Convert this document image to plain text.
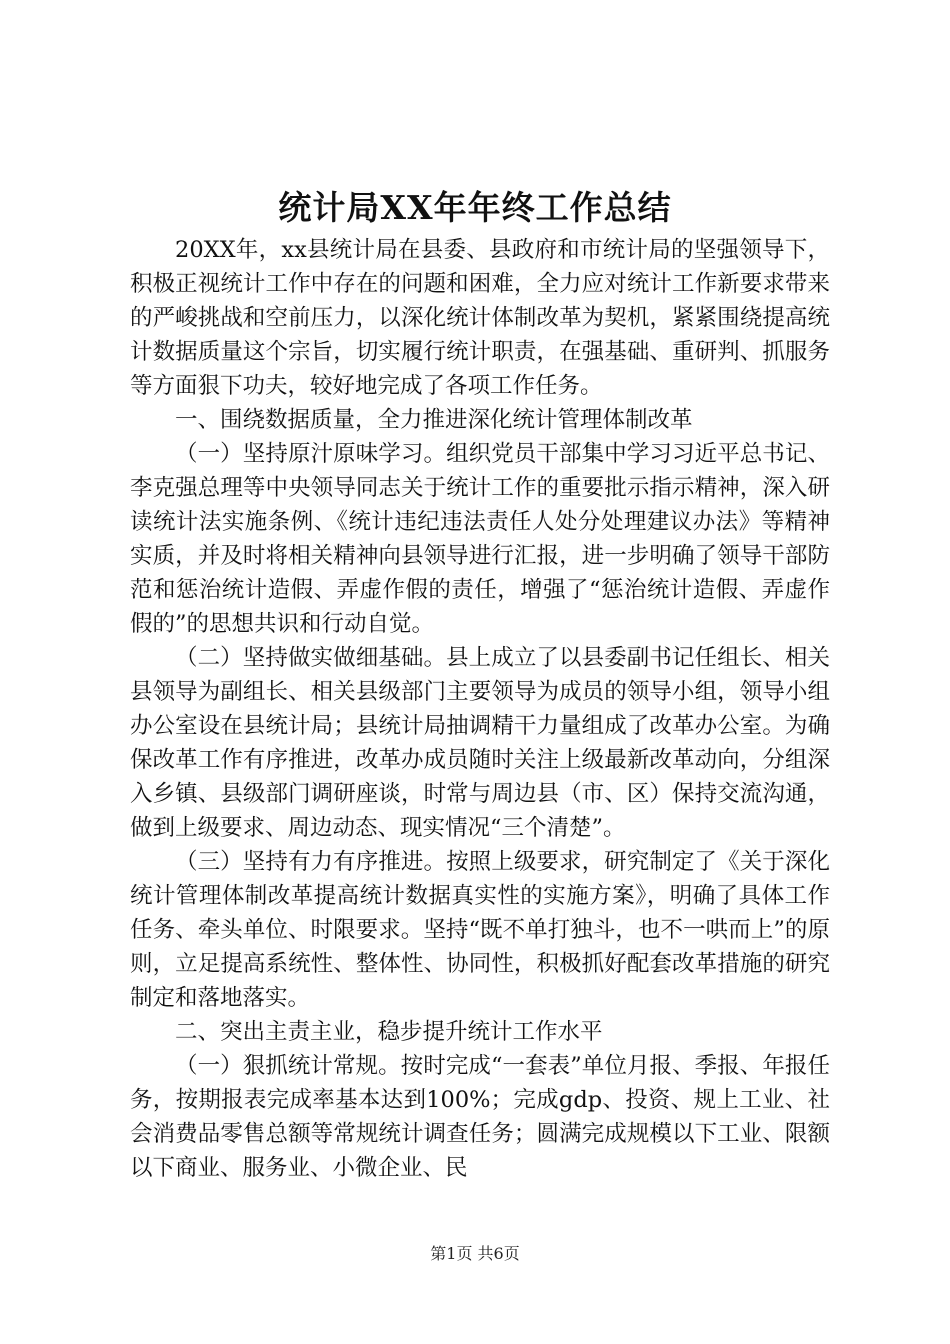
统计局XX年年终工作总结

20XX年，xx县统计局在县委、县政府和市统计局的坚强领导下，积极正视统计工作中存在的问题和困难，全力应对统计工作新要求带来的严峻挑战和空前压力，以深化统计体制改革为契机，紧紧围绕提高统计数据质量这个宗旨，切实履行统计职责，在强基础、重研判、抓服务等方面狠下功夫，较好地完成了各项工作任务。

一、围绕数据质量，全力推进深化统计管理体制改革

（一）坚持原汁原味学习。组织党员干部集中学习习近平总书记、李克强总理等中央领导同志关于统计工作的重要批示指示精神，深入研读统计法实施条例、《统计违纪违法责任人处分处理建议办法》等精神实质，并及时将相关精神向县领导进行汇报，进一步明确了领导干部防范和惩治统计造假、弄虚作假的责任，增强了“惩治统计造假、弄虚作假的”的思想共识和行动自觉。

（二）坚持做实做细基础。县上成立了以县委副书记任组长、相关县领导为副组长、相关县级部门主要领导为成员的领导小组，领导小组办公室设在县统计局；县统计局抽调精干力量组成了改革办公室。为确保改革工作有序推进，改革办成员随时关注上级最新改革动向，分组深入乡镇、县级部门调研座谈，时常与周边县（市、区）保持交流沟通，做到上级要求、周边动态、现实情况“三个清楚”。

（三）坚持有力有序推进。按照上级要求，研究制定了《关于深化统计管理体制改革提高统计数据真实性的实施方案》，明确了具体工作任务、牵头单位、时限要求。坚持“既不单打独斗，也不一哄而上”的原则，立足提高系统性、整体性、协同性，积极抓好配套改革措施的研究制定和落地落实。

二、突出主责主业，稳步提升统计工作水平

（一）狠抓统计常规。按时完成“一套表”单位月报、季报、年报任务，按期报表完成率基本达到100%；完成gdp、投资、规上工业、社会消费品零售总额等常规统计调查任务；圆满完成规模以下工业、限额以下商业、服务业、小微企业、民

第1页 共6页
